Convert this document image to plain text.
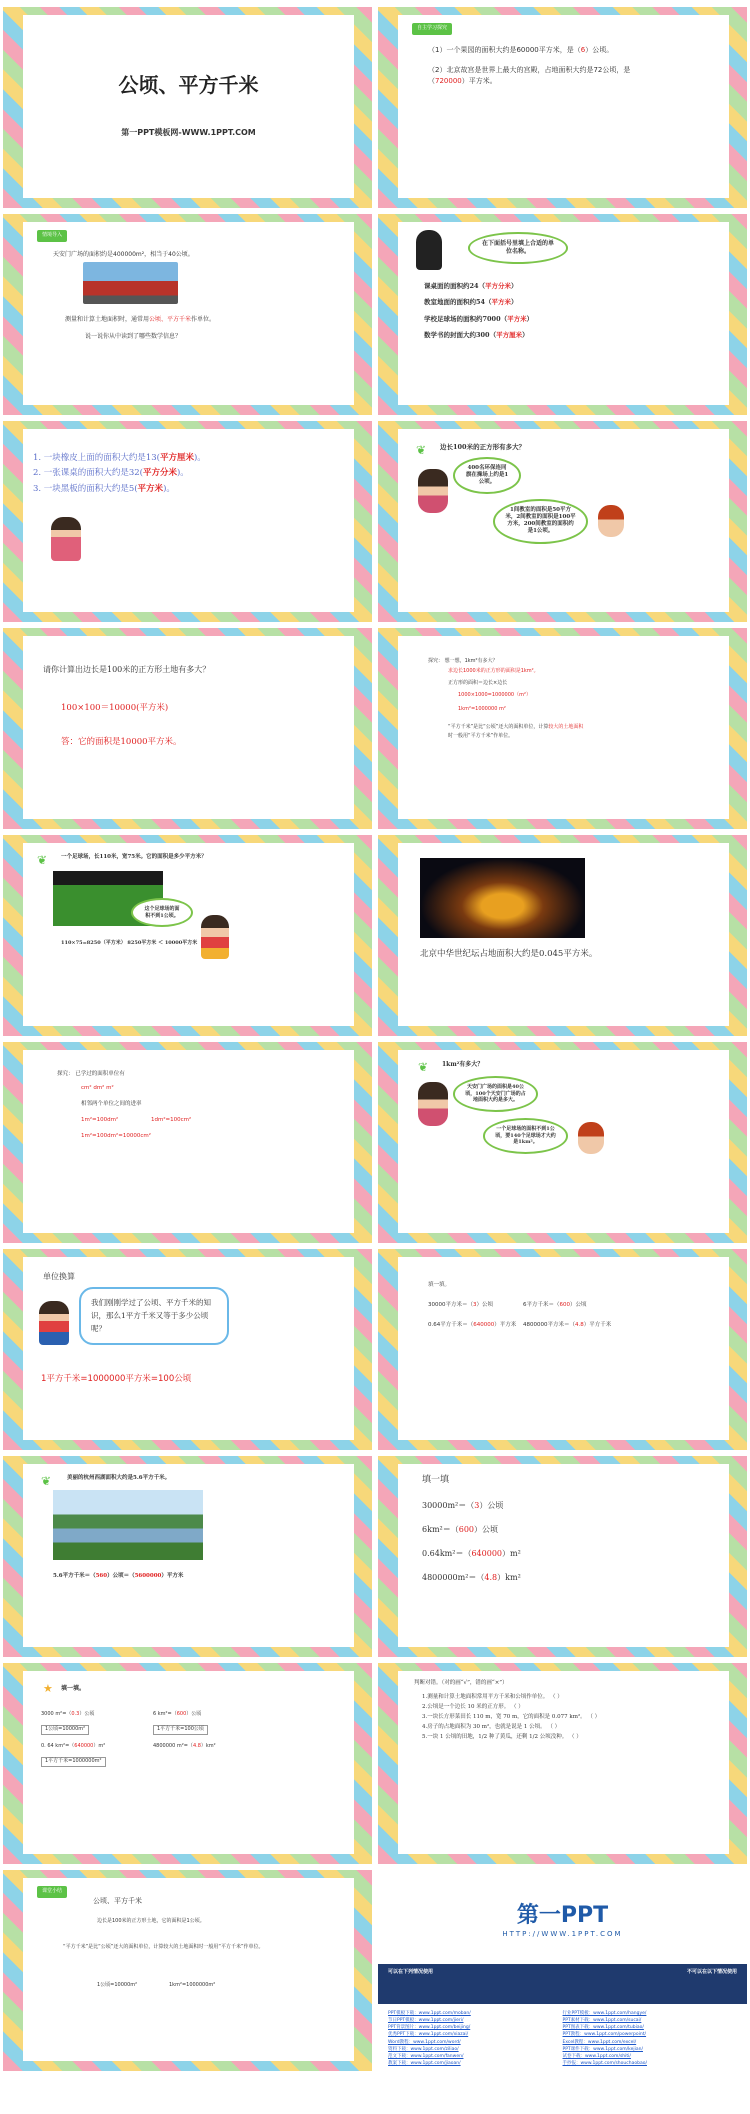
公顷、平方千米
第一PPT模板网-WWW.1PPT.COM
自主学习探究
（1）一个果园的面积大约是60000平方米，是（6）公顷。
（2）北京故宫是世界上最大的宫殿，占地面积大约是72公顷，是
（720000）平方米。
情境导入
天安门广场的面积约是400000m²，相当于40公顷。
测量和计算土地面积时，通常用公顷、平方千米作单位。
说一说你从中读到了哪些数学信息？
在下面括号里填上合适的单位名称。
课桌面的面积约24（平方分米）
教室地面的面积约54（平方米）
学校足球场的面积约7000（平方米）
数学书的封面大约300（平方厘米）
1. 一块橡皮上面的面积大约是13(平方厘米)。
2. 一张课桌的面积大约是32(平方分米)。
3. 一块黑板的面积大约是5(平方米)。
❦ 边长100米的正方形有多大？
400名环保连同旗在操场上约是1公顷。
1间教室的面积是50平方米，2间教室的面积是100平方米，200间教室的面积约是1公顷。
请你计算出边长是100米的正方形土地有多大？
100×100＝10000(平方米)
答：它的面积是10000平方米。
探究： 想一想，1km²有多大？
求边长1000米的正方形的面积是1km²。
正方形的面积＝边长×边长
1000×1000=1000000（m²）
1km²=1000000 m²
“平方千米”是比“公顷”还大的面积单位，计算较大的土地面积
时一般用“平方千米”作单位。
❦	一个足球场，长110米，宽75米。它的面积是多少平方米？
这个足球场的面积不到1公顷。
110×75=8250（平方米） 8250平方米 ＜ 10000平方米
北京中华世纪坛占地面积大约是0.045平方米。
探究： 已学过的面积单位有
cm² dm² m²
相邻两个单位之间的进率
1m²=100dm²	1dm²=100cm²
1m²=100dm²=10000cm²
❦ 1km²有多大？
天安门广场的面积是40公顷，100个天安门广场的占地面积大约是多大。
一个足球场的面积不到1公顷，要140个足球场才大约是1km²。
单位换算
我们刚刚学过了公顷、平方千米的知识，那么1平方千米又等于多少公顷呢？
1平方千米=1000000平方米=100公顷
填一填。
30000平方米＝（3）公顷	6平方千米＝（600）公顷
0.64平方千米＝（640000）平方米 4800000平方米＝（4.8）平方千米
❦	美丽的杭州西湖面积大约是5.6平方千米。
5.6平方千米＝（560）公顷＝（5600000）平方米
填一填
30000m²＝（3）公顷
6km²＝（600）公顷
0.64km²＝（640000）m²
4800000m²＝（4.8）km²
★ 填一填。
3000 m²=（0.3）公顷	6 km²=（600）公顷
1公顷=10000m²	1平方千米=100公顷
0. 64 km²=（640000）m²	4800000 m²=（4.8）km²
1平方千米=1000000m²
判断对错。（对的画“√”，错的画“×”）
1.测量和计算土地面积常用平方千米和公顷作单位。 （ ）
2.公顷是一个边长 10 米的正方形。 （ ）
3.一块长方形菜田长 110 m，宽 70 m，它的面积是 0.077 km²。 （ ）
4.房子的占地面积为 30 m²，也就是说是 1 公顷。 （ ）
5.一块 1 公顷的田地，1/2 种了黄瓜，还剩 1/2 公顷没种。 （ ）
课堂小结
公顷、平方千米
边长是100米的正方形土地，它的面积是1公顷。
“平方千米”是比“公顷”还大的面积单位，计算较大的土地面积时一般用“平方千米”作单位。
1公顷=10000m²	1km²=1000000m²
第一PPT
HTTP://WWW.1PPT.COM
可以在下列情况使用	不可以在以下情况使用
PPT模板下载：www.1ppt.com/moban/	行业PPT模板：www.1ppt.com/hangye/
节日PPT模板：www.1ppt.com/jieri/	PPT素材下载：www.1ppt.com/sucai/
PPT背景图片：www.1ppt.com/beijing/	PPT图表下载：www.1ppt.com/tubiao/
优秀PPT下载：www.1ppt.com/xiazai/	PPT教程：www.1ppt.com/powerpoint/
Word教程：www.1ppt.com/word/	Excel教程：www.1ppt.com/excel/
资料下载：www.1ppt.com/ziliao/	PPT课件下载：www.1ppt.com/kejian/
范文下载：www.1ppt.com/fanwen/	试卷下载：www.1ppt.com/shiti/
教案下载：www.1ppt.com/jiaoan/	手抄报：www.1ppt.com/shouchaobao/
